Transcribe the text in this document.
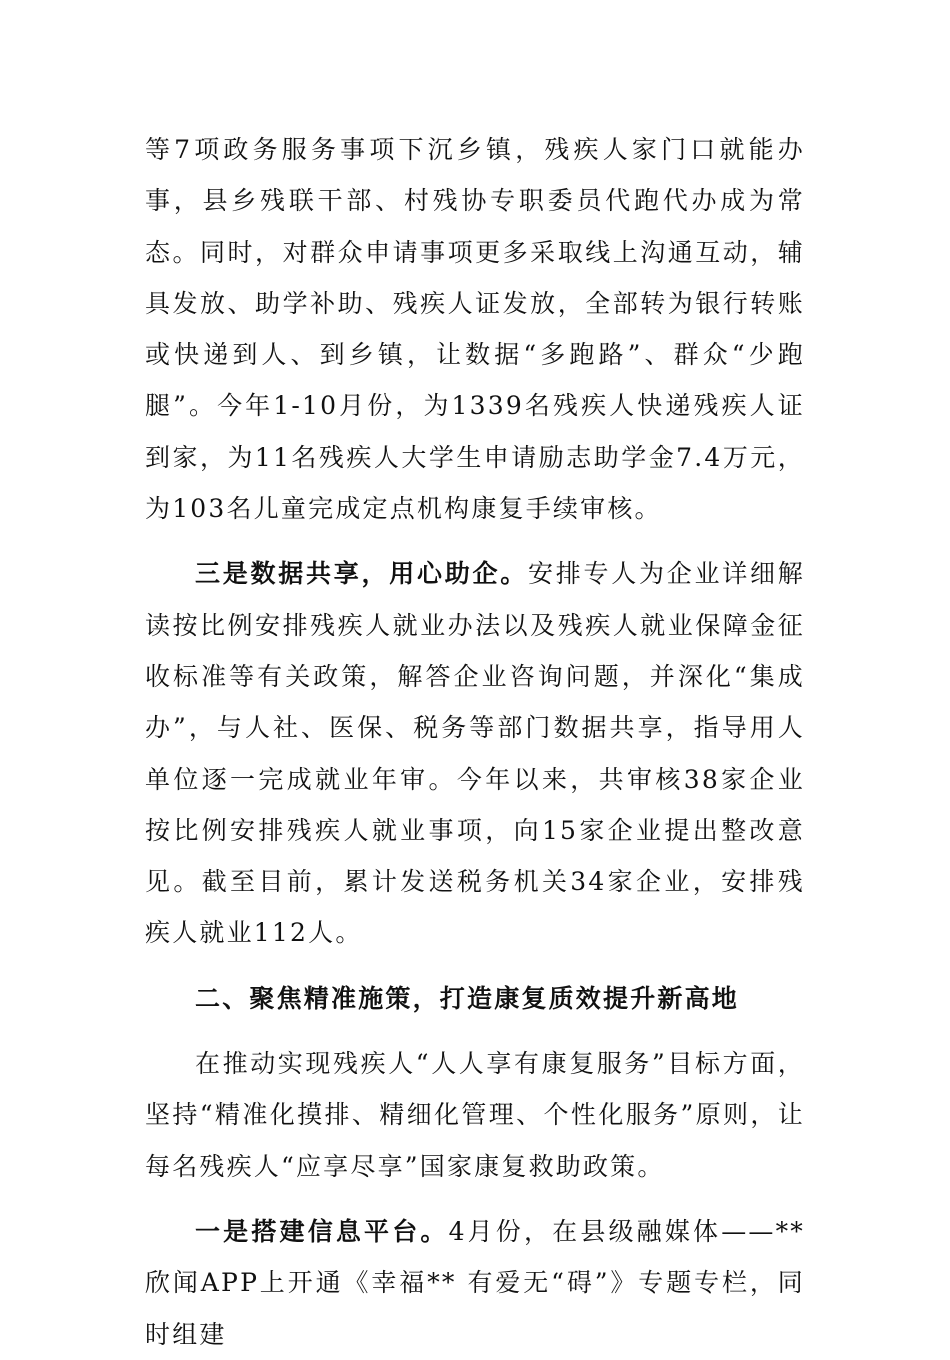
等7项政务服务事项下沉乡镇，残疾人家门口就能办事，县乡残联干部、村残协专职委员代跑代办成为常态。同时，对群众申请事项更多采取线上沟通互动，辅具发放、助学补助、残疾人证发放，全部转为银行转账或快递到人、到乡镇，让数据“多跑路”、群众“少跑腿”。今年1-10月份，为1339名残疾人快递残疾人证到家，为11名残疾人大学生申请励志助学金7.4万元，为103名儿童完成定点机构康复手续审核。

三是数据共享，用心助企。安排专人为企业详细解读按比例安排残疾人就业办法以及残疾人就业保障金征收标准等有关政策，解答企业咨询问题，并深化“集成办”，与人社、医保、税务等部门数据共享，指导用人单位逐一完成就业年审。今年以来，共审核38家企业按比例安排残疾人就业事项，向15家企业提出整改意见。截至目前，累计发送税务机关34家企业，安排残疾人就业112人。

二、聚焦精准施策，打造康复质效提升新高地

在推动实现残疾人“人人享有康复服务”目标方面，坚持“精准化摸排、精细化管理、个性化服务”原则，让每名残疾人“应享尽享”国家康复救助政策。

一是搭建信息平台。4月份，在县级融媒体——**欣闻APP上开通《幸福** 有爱无“碍”》专题专栏，同时组建
